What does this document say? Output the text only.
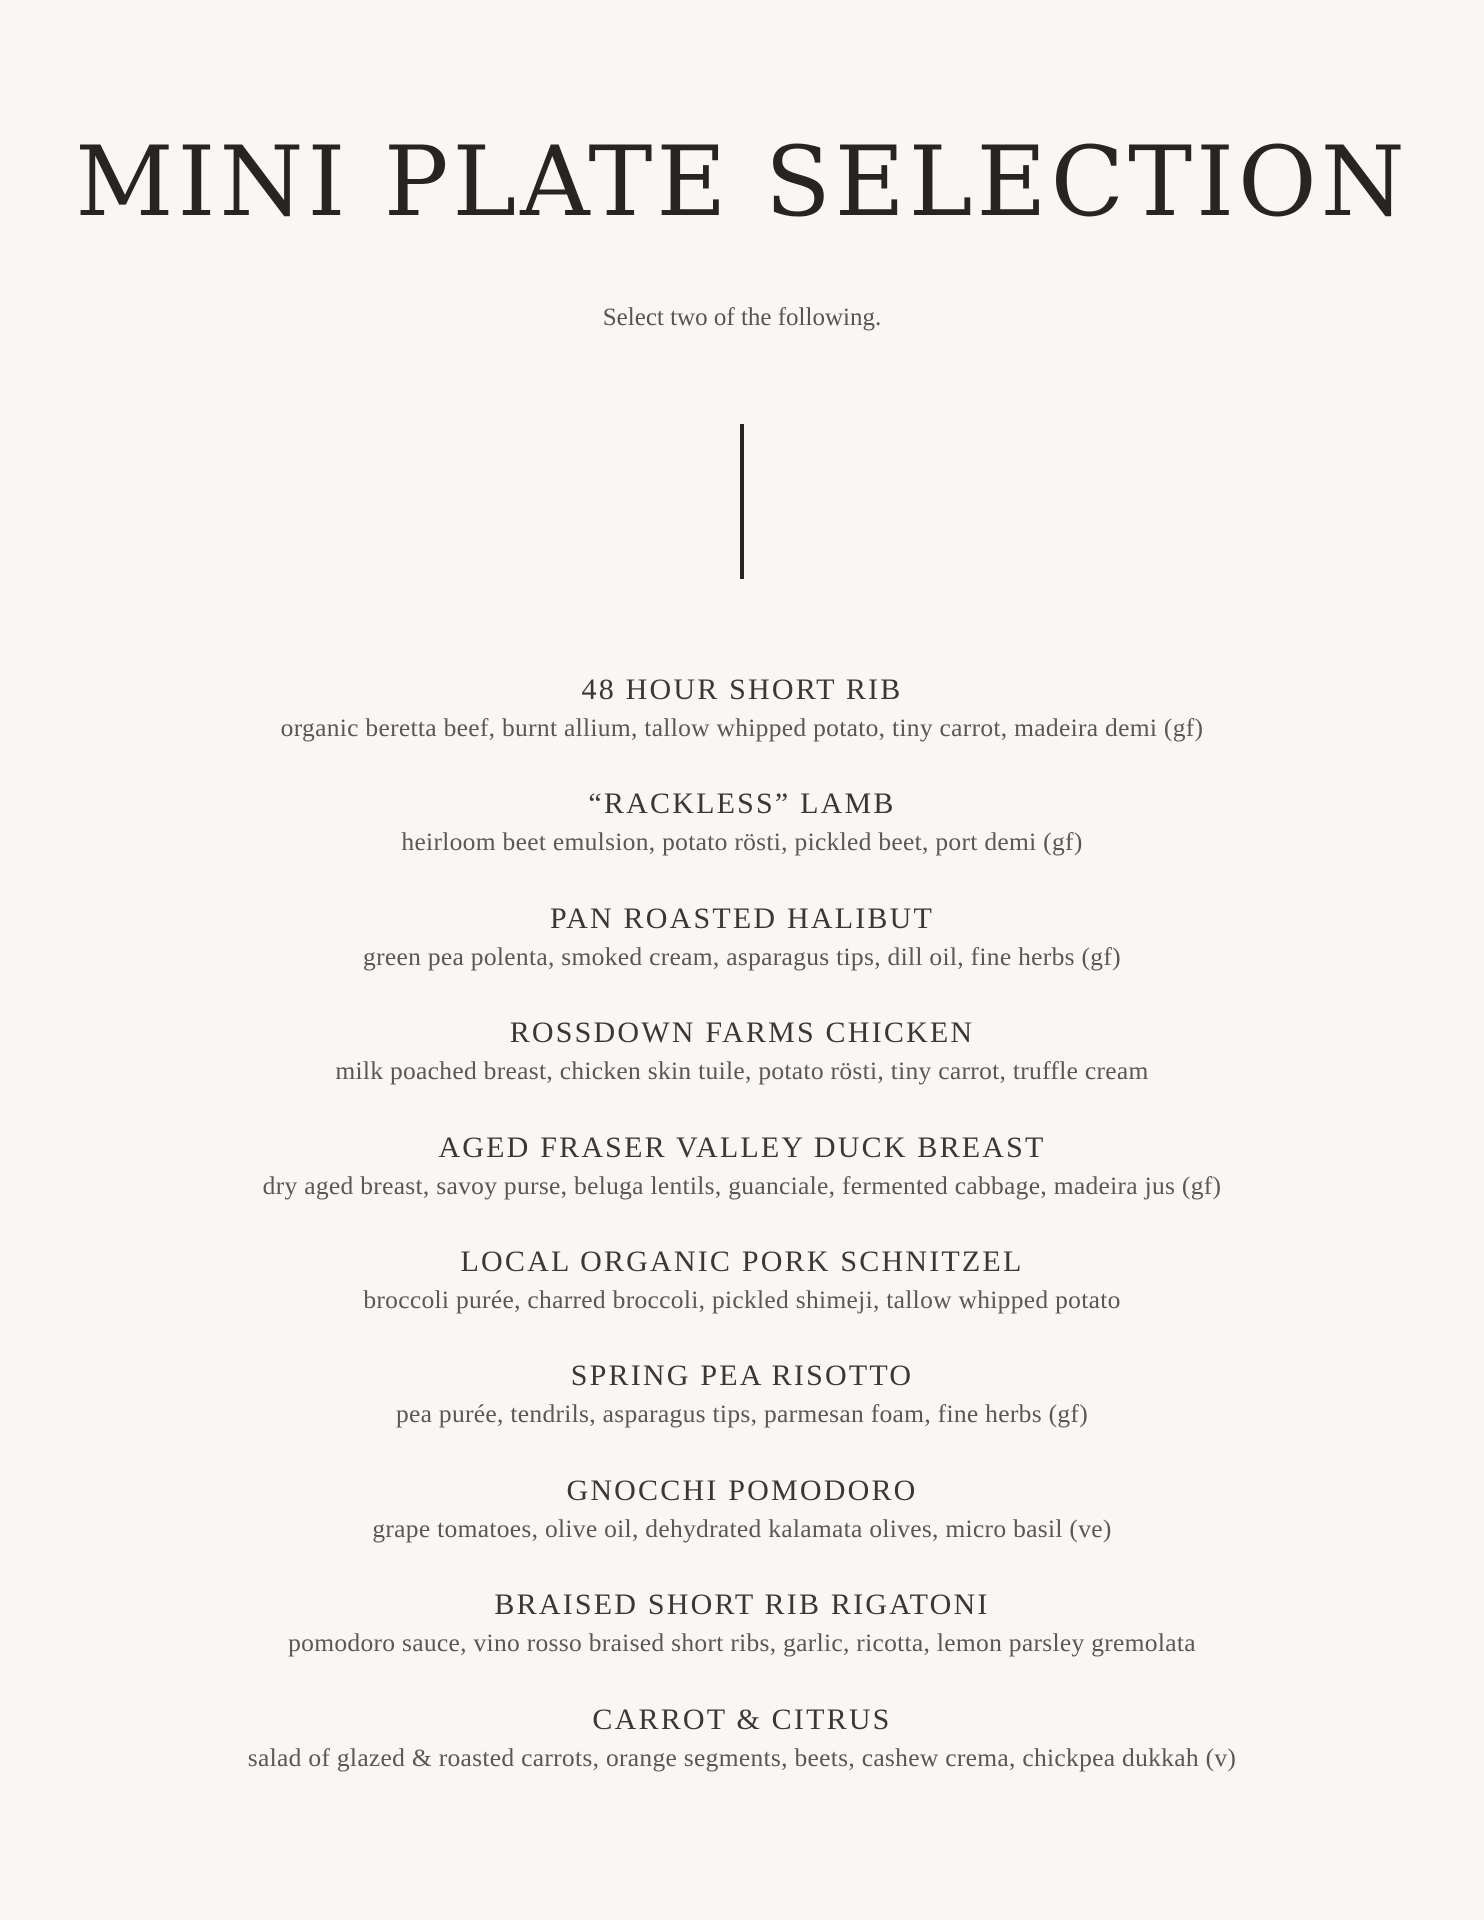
MINI PLATE SELECTION

Select two of the following.

48 HOUR SHORT RIB
organic beretta beef, burnt allium, tallow whipped potato, tiny carrot, madeira demi (gf)
“RACKLESS” LAMB
heirloom beet emulsion, potato rösti, pickled beet, port demi (gf)
PAN ROASTED HALIBUT
green pea polenta, smoked cream, asparagus tips, dill oil, fine herbs (gf)
ROSSDOWN FARMS CHICKEN
milk poached breast, chicken skin tuile, potato rösti, tiny carrot, truffle cream
AGED FRASER VALLEY DUCK BREAST
dry aged breast, savoy purse, beluga lentils, guanciale, fermented cabbage, madeira jus (gf)
LOCAL ORGANIC PORK SCHNITZEL
broccoli purée, charred broccoli, pickled shimeji, tallow whipped potato
SPRING PEA RISOTTO
pea purée, tendrils, asparagus tips, parmesan foam, fine herbs (gf)
GNOCCHI POMODORO
grape tomatoes, olive oil, dehydrated kalamata olives, micro basil (ve)
BRAISED SHORT RIB RIGATONI
pomodoro sauce, vino rosso braised short ribs, garlic, ricotta, lemon parsley gremolata
CARROT & CITRUS
salad of glazed & roasted carrots, orange segments, beets, cashew crema, chickpea dukkah (v)
